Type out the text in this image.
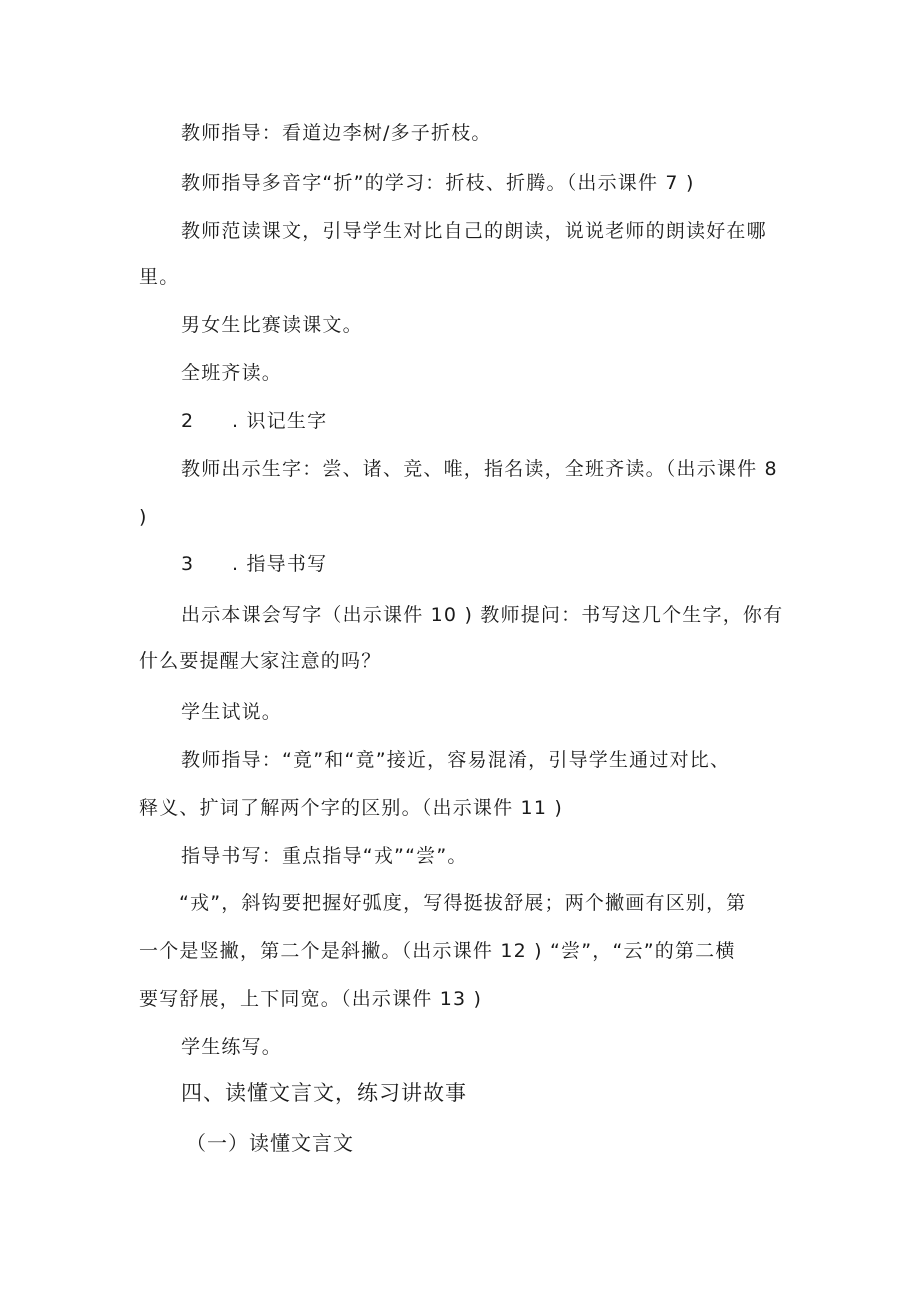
教师指导：看道边李树/多子折枝。
教师指导多音字“折”的学习：折枝、折腾。（出示课件 7 )
教师范读课文，引导学生对比自己的朗读，说说老师的朗读好在哪
里。
男女生比赛读课文。
全班齐读。
2 . 识记生字
教师出示生字：尝、诸、竞、唯，指名读，全班齐读。（出示课件 8
)
3 . 指导书写
出示本课会写字（出示课件 10 ) 教师提问：书写这几个生字，你有
什么要提醒大家注意的吗？
学生试说。
教师指导：“竟”和“竟”接近，容易混淆，引导学生通过对比、
释义、扩词了解两个字的区别。（出示课件 11 )
指导书写：重点指导“戎”“尝”。
“戎”，斜钩要把握好弧度，写得挺拔舒展；两个撇画有区别，第
一个是竖撇，第二个是斜撇。（出示课件 12 ) “尝”，“云”的第二横
要写舒展，上下同宽。（出示课件 13 )
学生练写。
四、读懂文言文，练习讲故事
（一）读懂文言文
